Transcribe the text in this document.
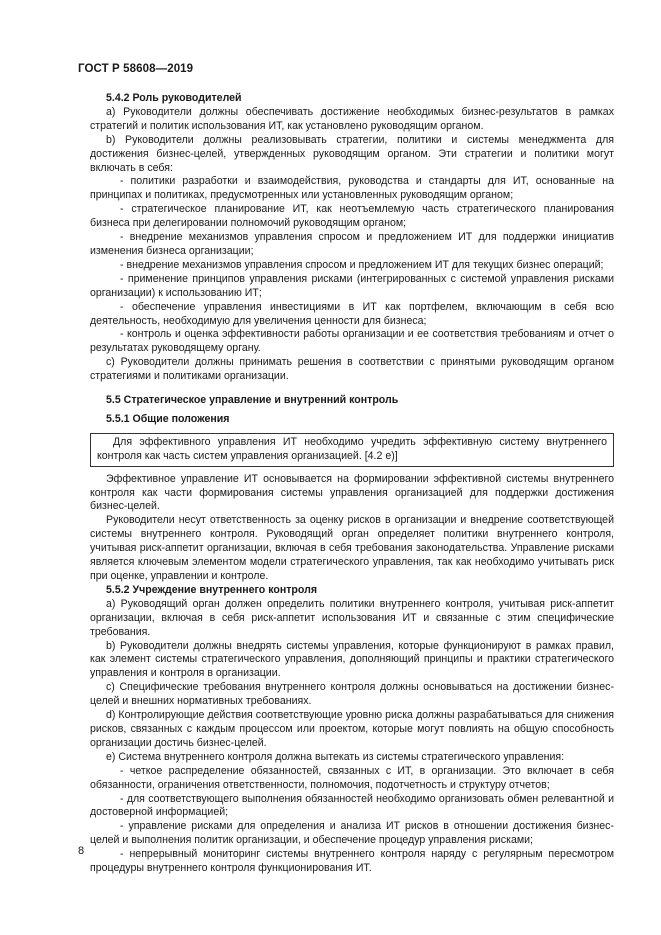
ГОСТ Р 58608—2019
5.4.2 Роль руководителей

a) Руководители должны обеспечивать достижение необходимых бизнес-результатов в рамках стратегий и политик использования ИТ, как установлено руководящим органом.

b) Руководители должны реализовывать стратегии, политики и системы менеджмента для достижения бизнес-целей, утвержденных руководящим органом. Эти стратегии и политики могут включать в себя:

- политики разработки и взаимодействия, руководства и стандарты для ИТ, основанные на принципах и политиках, предусмотренных или установленных руководящим органом;

- стратегическое планирование ИТ, как неотъемлемую часть стратегического планирования бизнеса при делегировании полномочий руководящим органом;

- внедрение механизмов управления спросом и предложением ИТ для поддержки инициатив изменения бизнеса организации;

- внедрение механизмов управления спросом и предложением ИТ для текущих бизнес операций;

- применение принципов управления рисками (интегрированных с системой управления рисками организации) к использованию ИТ;

- обеспечение управления инвестициями в ИТ как портфелем, включающим в себя всю деятельность, необходимую для увеличения ценности для бизнеса;

- контроль и оценка эффективности работы организации и ее соответствия требованиям и отчет о результатах руководящему органу.

c) Руководители должны принимать решения в соответствии с принятыми руководящим органом стратегиями и политиками организации.

5.5 Стратегическое управление и внутренний контроль
5.5.1 Общие положения

Для эффективного управления ИТ необходимо учредить эффективную систему внутреннего контроля как часть систем управления организацией. [4.2 e)]

Эффективное управление ИТ основывается на формировании эффективной системы внутреннего контроля как части формирования системы управления организацией для поддержки достижения бизнес-целей.

Руководители несут ответственность за оценку рисков в организации и внедрение соответствующей системы внутреннего контроля. Руководящий орган определяет политики внутреннего контроля, учитывая риск-аппетит организации, включая в себя требования законодательства. Управление рисками является ключевым элементом модели стратегического управления, так как необходимо учитывать риск при оценке, управлении и контроле.

5.5.2 Учреждение внутреннего контроля

a) Руководящий орган должен определить политики внутреннего контроля, учитывая риск-аппетит организации, включая в себя риск-аппетит использования ИТ и связанные с этим специфические требования.

b) Руководители должны внедрять системы управления, которые функционируют в рамках правил, как элемент системы стратегического управления, дополняющий принципы и практики стратегического управления и контроля в организации.

c) Специфические требования внутреннего контроля должны основываться на достижении бизнес-целей и внешних нормативных требованиях.

d) Контролирующие действия соответствующие уровню риска должны разрабатываться для снижения рисков, связанных с каждым процессом или проектом, которые могут повлиять на общую способность организации достичь бизнес-целей.

e) Система внутреннего контроля должна вытекать из системы стратегического управления:

- четкое распределение обязанностей, связанных с ИТ, в организации. Это включает в себя обязанности, ограничения ответственности, полномочия, подотчетность и структуру отчетов;

- для соответствующего выполнения обязанностей необходимо организовать обмен релевантной и достоверной информацией;

- управление рисками для определения и анализа ИТ рисков в отношении достижения бизнес-целей и выполнения политик организации, и обеспечение процедур управления рисками;

- непрерывный мониторинг системы внутреннего контроля наряду с регулярным пересмотром процедуры внутреннего контроля функционирования ИТ.

8
